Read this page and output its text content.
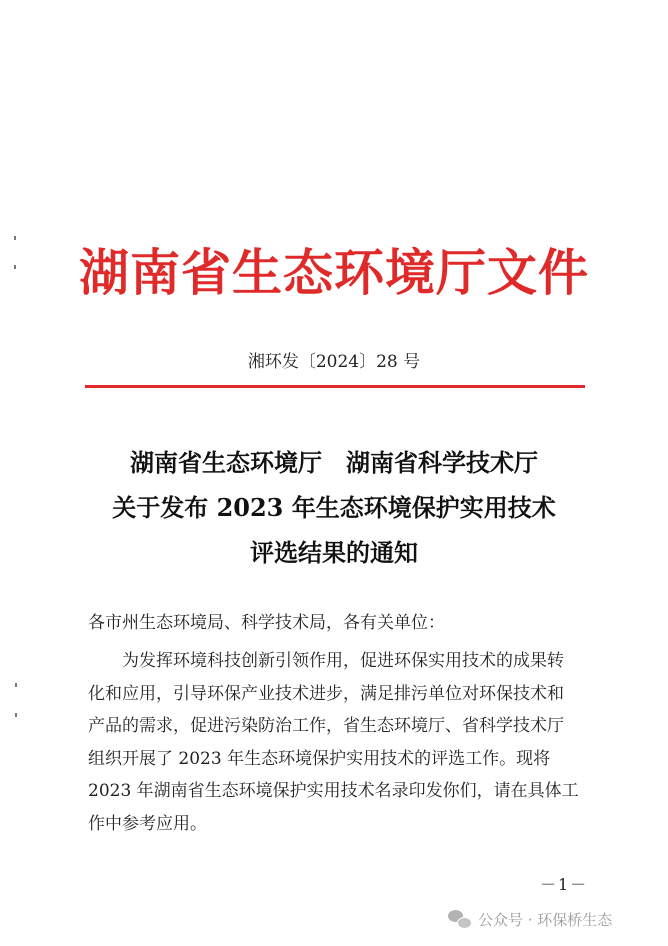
湖南省生态环境厅文件
湘环发〔2024〕28 号
湖南省生态环境厅　湖南省科学技术厅
关于发布 2023 年生态环境保护实用技术
评选结果的通知
各市州生态环境局、科学技术局，各有关单位：
为发挥环境科技创新引领作用，促进环保实用技术的成果转
化和应用，引导环保产业技术进步，满足排污单位对环保技术和
产品的需求，促进污染防治工作，省生态环境厅、省科学技术厅
组织开展了 2023 年生态环境保护实用技术的评选工作。现将
2023 年湖南省生态环境保护实用技术名录印发你们，请在具体工
作中参考应用。
－1－
公众号 · 环保桥生态
